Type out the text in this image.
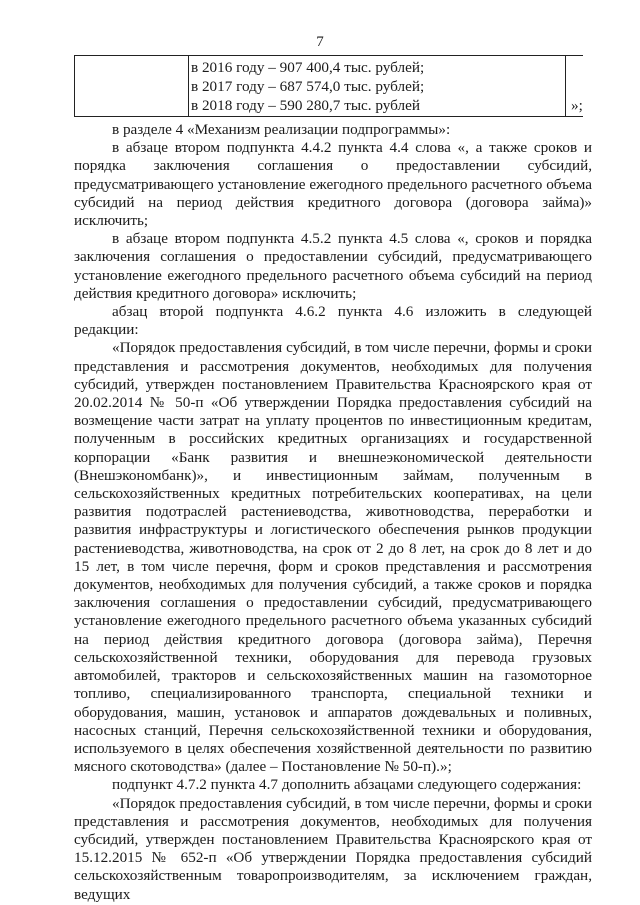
7
в 2016 году – 907 400,4 тыс. рублей;
в 2017 году – 687 574,0 тыс. рублей;
в 2018 году – 590 280,7 тыс. рублей	»;

в разделе 4 «Механизм реализации подпрограммы»:

в абзаце втором подпункта 4.4.2 пункта 4.4 слова «, а также сроков и порядка заключения соглашения о предоставлении субсидий, предусматривающего установление ежегодного предельного расчетного объема субсидий на период действия кредитного договора (договора займа)» исключить;

в абзаце втором подпункта 4.5.2 пункта 4.5 слова «, сроков и порядка заключения соглашения о предоставлении субсидий, предусматривающего установление ежегодного предельного расчетного объема субсидий на период действия кредитного договора» исключить;

абзац второй подпункта 4.6.2 пункта 4.6 изложить в следующей редакции:

«Порядок предоставления субсидий, в том числе перечни, формы и сроки представления и рассмотрения документов, необходимых для получения субсидий, утвержден постановлением Правительства Красноярского края от 20.02.2014 № 50-п «Об утверждении Порядка предоставления субсидий на возмещение части затрат на уплату процентов по инвестиционным кредитам, полученным в российских кредитных организациях и государственной корпорации «Банк развития и внешнеэкономической деятельности (Внешэкономбанк)», и инвестиционным займам, полученным в сельскохозяйственных кредитных потребительских кооперативах, на цели развития подотраслей растениеводства, животноводства, переработки и развития инфраструктуры и логистического обеспечения рынков продукции растениеводства, животноводства, на срок от 2 до 8 лет, на срок до 8 лет и до 15 лет, в том числе перечня, форм и сроков представления и рассмотрения документов, необходимых для получения субсидий, а также сроков и порядка заключения соглашения о предоставлении субсидий, предусматривающего установление ежегодного предельного расчетного объема указанных субсидий на период действия кредитного договора (договора займа), Перечня сельскохозяйственной техники, оборудования для перевода грузовых автомобилей, тракторов и сельскохозяйственных машин на газомоторное топливо, специализированного транспорта, специальной техники и оборудования, машин, установок и аппаратов дождевальных и поливных, насосных станций, Перечня сельскохозяйственной техники и оборудования, используемого в целях обеспечения хозяйственной деятельности по развитию мясного скотоводства» (далее – Постановление № 50-п).»;

подпункт 4.7.2 пункта 4.7 дополнить абзацами следующего содержания:

«Порядок предоставления субсидий, в том числе перечни, формы и сроки представления и рассмотрения документов, необходимых для получения субсидий, утвержден постановлением Правительства Красноярского края от 15.12.2015 № 652-п «Об утверждении Порядка предоставления субсидий сельскохозяйственным товаропроизводителям, за исключением граждан, ведущих
